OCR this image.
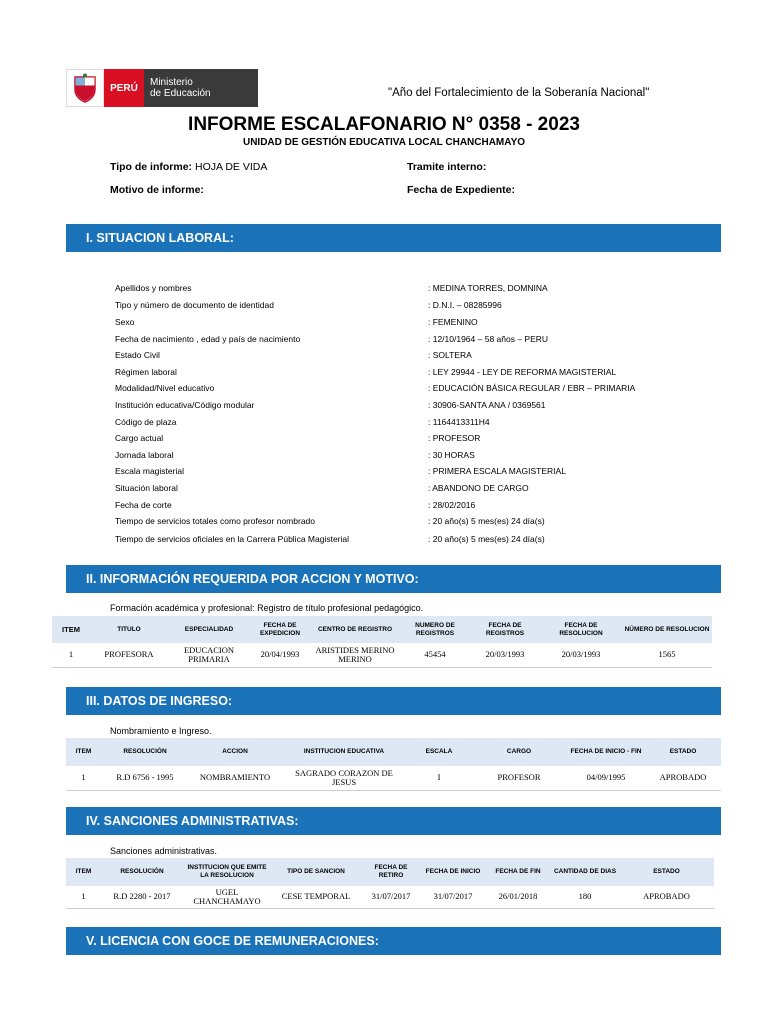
PERÚ	Ministerio
de Educación	"Año del Fortalecimiento de la Soberanía Nacional"
INFORME ESCALAFONARIO N° 0358 - 2023
UNIDAD DE GESTIÓN EDUCATIVA LOCAL CHANCHAMAYO
Tipo de informe: HOJA DE VIDA
Motivo de informe:
Tramite interno:
Fecha de Expediente:
I. SITUACION LABORAL:
Apellidos y nombres	: MEDINA TORRES, DOMNINA
Tipo y número de documento de identidad	: D.N.I. – 08285996
Sexo	: FEMENINO
Fecha de nacimiento , edad y país de nacimiento	: 12/10/1964 – 58 años – PERU
Estado Civil	: SOLTERA
Régimen laboral	: LEY 29944 - LEY DE REFORMA MAGISTERIAL
Modalidad/Nivel educativo	: EDUCACIÓN BÁSICA REGULAR / EBR – PRIMARIA
Institución educativa/Código modular	: 30906-SANTA ANA / 0369561
Código de plaza	: 1164413311H4
Cargo actual	: PROFESOR
Jornada laboral	: 30 HORAS
Escala magisterial	: PRIMERA ESCALA MAGISTERIAL
Situación laboral	: ABANDONO DE CARGO
Fecha de corte	: 28/02/2016
Tiempo de servicios totales como profesor nombrado	: 20 año(s) 5 mes(es) 24 día(s)
Tiempo de servicios oficiales en la Carrera Pública Magisterial	: 20 año(s) 5 mes(es) 24 día(s)
II. INFORMACIÓN REQUERIDA POR ACCION Y MOTIVO:
Formación académica y profesional: Registro de título profesional pedagógico.
ITEM	TITULO	ESPECIALIDAD	FECHA DE EXPEDICION	CENTRO DE REGISTRO	NUMERO DE REGISTROS	FECHA DE REGISTROS	FECHA DE RESOLUCION	NÚMERO DE RESOLUCION
1	PROFESORA	EDUCACION PRIMARIA	20/04/1993	ARISTIDES MERINO MERINO	45454	20/03/1993	20/03/1993	1565
III. DATOS DE INGRESO:
Nombramiento e Ingreso.
ITEM	RESOLUCIÓN	ACCION	INSTITUCION EDUCATIVA	ESCALA	CARGO	FECHA DE INICIO - FIN	ESTADO
1	R.D 6756 - 1995	NOMBRAMIENTO	SAGRADO CORAZON DE JESUS	I	PROFESOR	04/09/1995	APROBADO
IV. SANCIONES ADMINISTRATIVAS:
Sanciones administrativas.
ITEM	RESOLUCIÓN	INSTITUCION QUE EMITE LA RESOLUCION	TIPO DE SANCION	FECHA DE RETIRO	FECHA DE INICIO	FECHA DE FIN	CANTIDAD DE DIAS	ESTADO
1	R.D 2280 - 2017	UGEL CHANCHAMAYO	CESE TEMPORAL	31/07/2017	31/07/2017	26/01/2018	180	APROBADO
V. LICENCIA CON GOCE DE REMUNERACIONES:
